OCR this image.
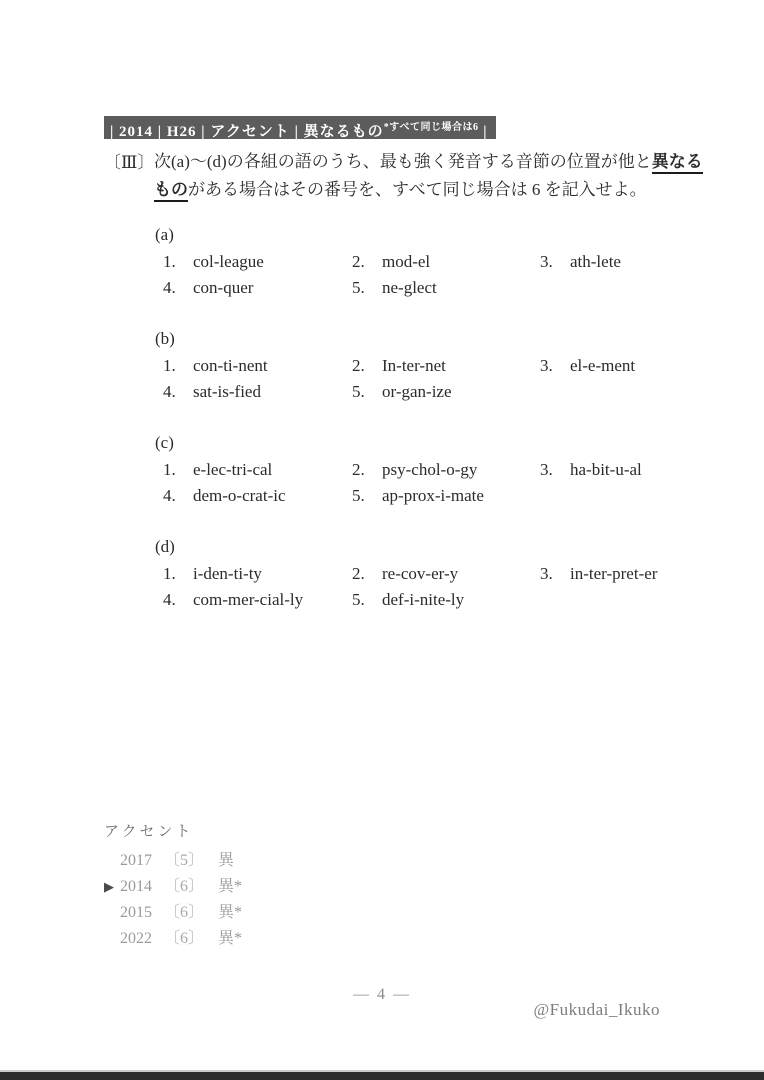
| 2014 | H26 | アクセント | 異なるもの$^{*すべて同じ場合は6}$ |
〔Ⅲ〕 次(a)～(d)の各組の語のうち、最も強く発音する音節の位置が他と異なる
ものがある場合はその番号を、すべて同じ場合は 6 を記入せよ。
(a)
1. col-league	2. mod-el	3. ath-lete
4. con-quer	5. ne-glect
(b)
1. con-ti-nent	2. In-ter-net	3. el-e-ment
4. sat-is-fied	5. or-gan-ize
(c)
1. e-lec-tri-cal	2. psy-chol-o-gy	3. ha-bit-u-al
4. dem-o-crat-ic	5. ap-prox-i-mate
(d)
1. i-den-ti-ty	2. re-cov-er-y	3. in-ter-pret-er
4. com-mer-cial-ly	5. def-i-nite-ly
アクセント
2017 〔5〕 異
▶ 2014 〔6〕 異*
2015 〔6〕 異*
2022 〔6〕 異*
— 4 —
@Fukudai_Ikuko
